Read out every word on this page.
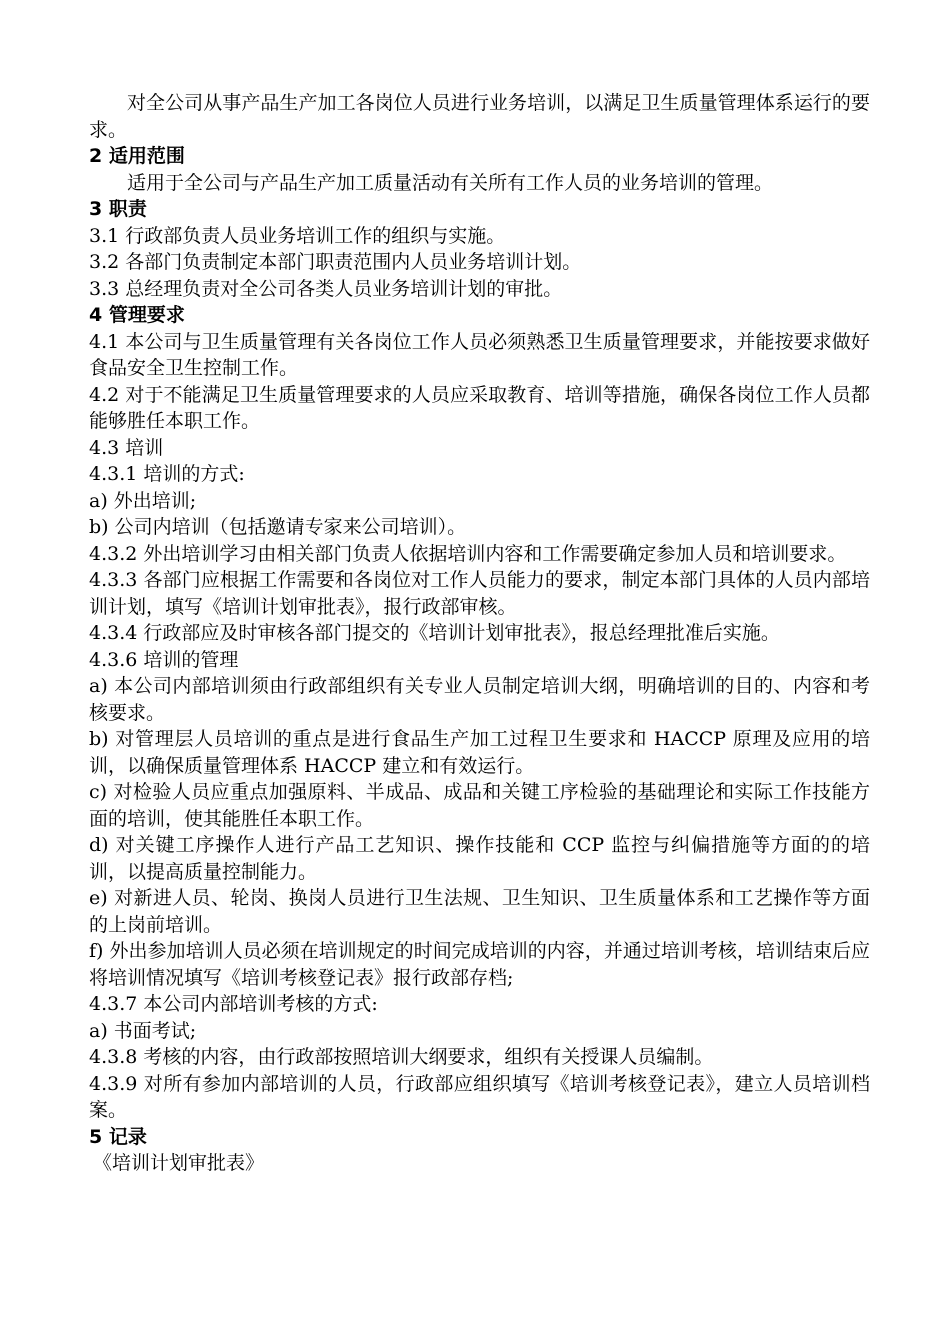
对全公司从事产品生产加工各岗位人员进行业务培训，以满足卫生质量管理体系运行的要求。

2 适用范围

适用于全公司与产品生产加工质量活动有关所有工作人员的业务培训的管理。

3 职责

3.1 行政部负责人员业务培训工作的组织与实施。

3.2 各部门负责制定本部门职责范围内人员业务培训计划。

3.3 总经理负责对全公司各类人员业务培训计划的审批。

4 管理要求

4.1 本公司与卫生质量管理有关各岗位工作人员必须熟悉卫生质量管理要求，并能按要求做好食品安全卫生控制工作。

4.2 对于不能满足卫生质量管理要求的人员应采取教育、培训等措施，确保各岗位工作人员都能够胜任本职工作。

4.3 培训

4.3.1 培训的方式:

a) 外出培训;

b) 公司内培训（包括邀请专家来公司培训）。

4.3.2 外出培训学习由相关部门负责人依据培训内容和工作需要确定参加人员和培训要求。

4.3.3 各部门应根据工作需要和各岗位对工作人员能力的要求，制定本部门具体的人员内部培训计划，填写《培训计划审批表》，报行政部审核。

4.3.4 行政部应及时审核各部门提交的《培训计划审批表》，报总经理批准后实施。

4.3.6 培训的管理

a) 本公司内部培训须由行政部组织有关专业人员制定培训大纲，明确培训的目的、内容和考核要求。

b) 对管理层人员培训的重点是进行食品生产加工过程卫生要求和 HACCP 原理及应用的培训，以确保质量管理体系 HACCP 建立和有效运行。

c) 对检验人员应重点加强原料、半成品、成品和关键工序检验的基础理论和实际工作技能方面的培训，使其能胜任本职工作。

d) 对关键工序操作人进行产品工艺知识、操作技能和 CCP 监控与纠偏措施等方面的的培训，以提高质量控制能力。

e) 对新进人员、轮岗、换岗人员进行卫生法规、卫生知识、卫生质量体系和工艺操作等方面的上岗前培训。

f) 外出参加培训人员必须在培训规定的时间完成培训的内容，并通过培训考核，培训结束后应将培训情况填写《培训考核登记表》报行政部存档;

4.3.7 本公司内部培训考核的方式:

a) 书面考试;

4.3.8 考核的内容，由行政部按照培训大纲要求，组织有关授课人员编制。

4.3.9 对所有参加内部培训的人员，行政部应组织填写《培训考核登记表》，建立人员培训档案。

5 记录

《培训计划审批表》
